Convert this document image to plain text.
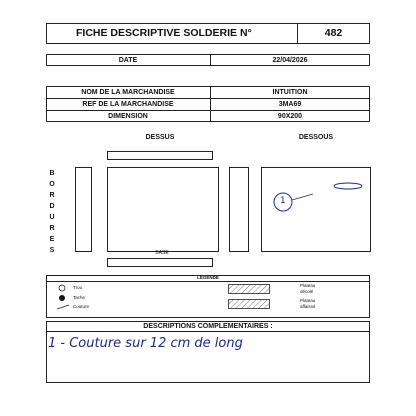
FICHE DESCRIPTIVE SOLDERIE N°	482
DATE	22/04/2026
NOM DE LA MARCHANDISE	INTUITION
REF DE LA MARCHANDISE	3MA69
DIMENSION	90X200
DESSUS	DESSOUS
B O R D U R E S	BASE
1
LEGENDE
Trou
Tache
Couture
Plateau
décolé
Plateau
affaissé
DESCRIPTIONS COMPLEMENTAIRES :
1 - Couture sur 12 cm de long
